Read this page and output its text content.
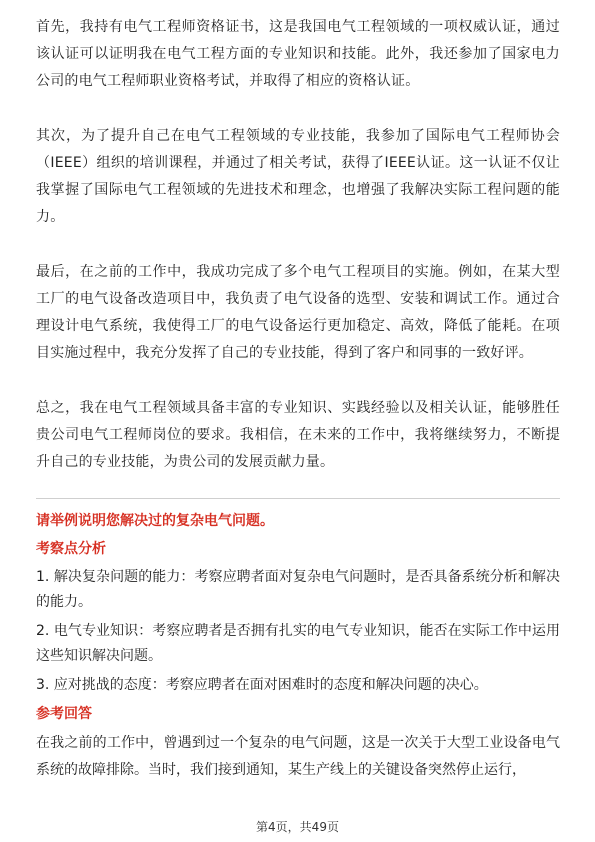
首先，我持有电气工程师资格证书，这是我国电气工程领域的一项权威认证，通过该认证可以证明我在电气工程方面的专业知识和技能。此外，我还参加了国家电力公司的电气工程师职业资格考试，并取得了相应的资格认证。

其次，为了提升自己在电气工程领域的专业技能，我参加了国际电气工程师协会（IEEE）组织的培训课程，并通过了相关考试，获得了IEEE认证。这一认证不仅让我掌握了国际电气工程领域的先进技术和理念，也增强了我解决实际工程问题的能力。

最后，在之前的工作中，我成功完成了多个电气工程项目的实施。例如，在某大型工厂的电气设备改造项目中，我负责了电气设备的选型、安装和调试工作。通过合理设计电气系统，我使得工厂的电气设备运行更加稳定、高效，降低了能耗。在项目实施过程中，我充分发挥了自己的专业技能，得到了客户和同事的一致好评。

总之，我在电气工程领域具备丰富的专业知识、实践经验以及相关认证，能够胜任贵公司电气工程师岗位的要求。我相信，在未来的工作中，我将继续努力，不断提升自己的专业技能，为贵公司的发展贡献力量。

请举例说明您解决过的复杂电气问题。
考察点分析
1. 解决复杂问题的能力：考察应聘者面对复杂电气问题时，是否具备系统分析和解决的能力。
2. 电气专业知识：考察应聘者是否拥有扎实的电气专业知识，能否在实际工作中运用这些知识解决问题。
3. 应对挑战的态度：考察应聘者在面对困难时的态度和解决问题的决心。
参考回答

在我之前的工作中，曾遇到过一个复杂的电气问题，这是一次关于大型工业设备电气系统的故障排除。当时，我们接到通知，某生产线上的关键设备突然停止运行，

第4页，共49页
